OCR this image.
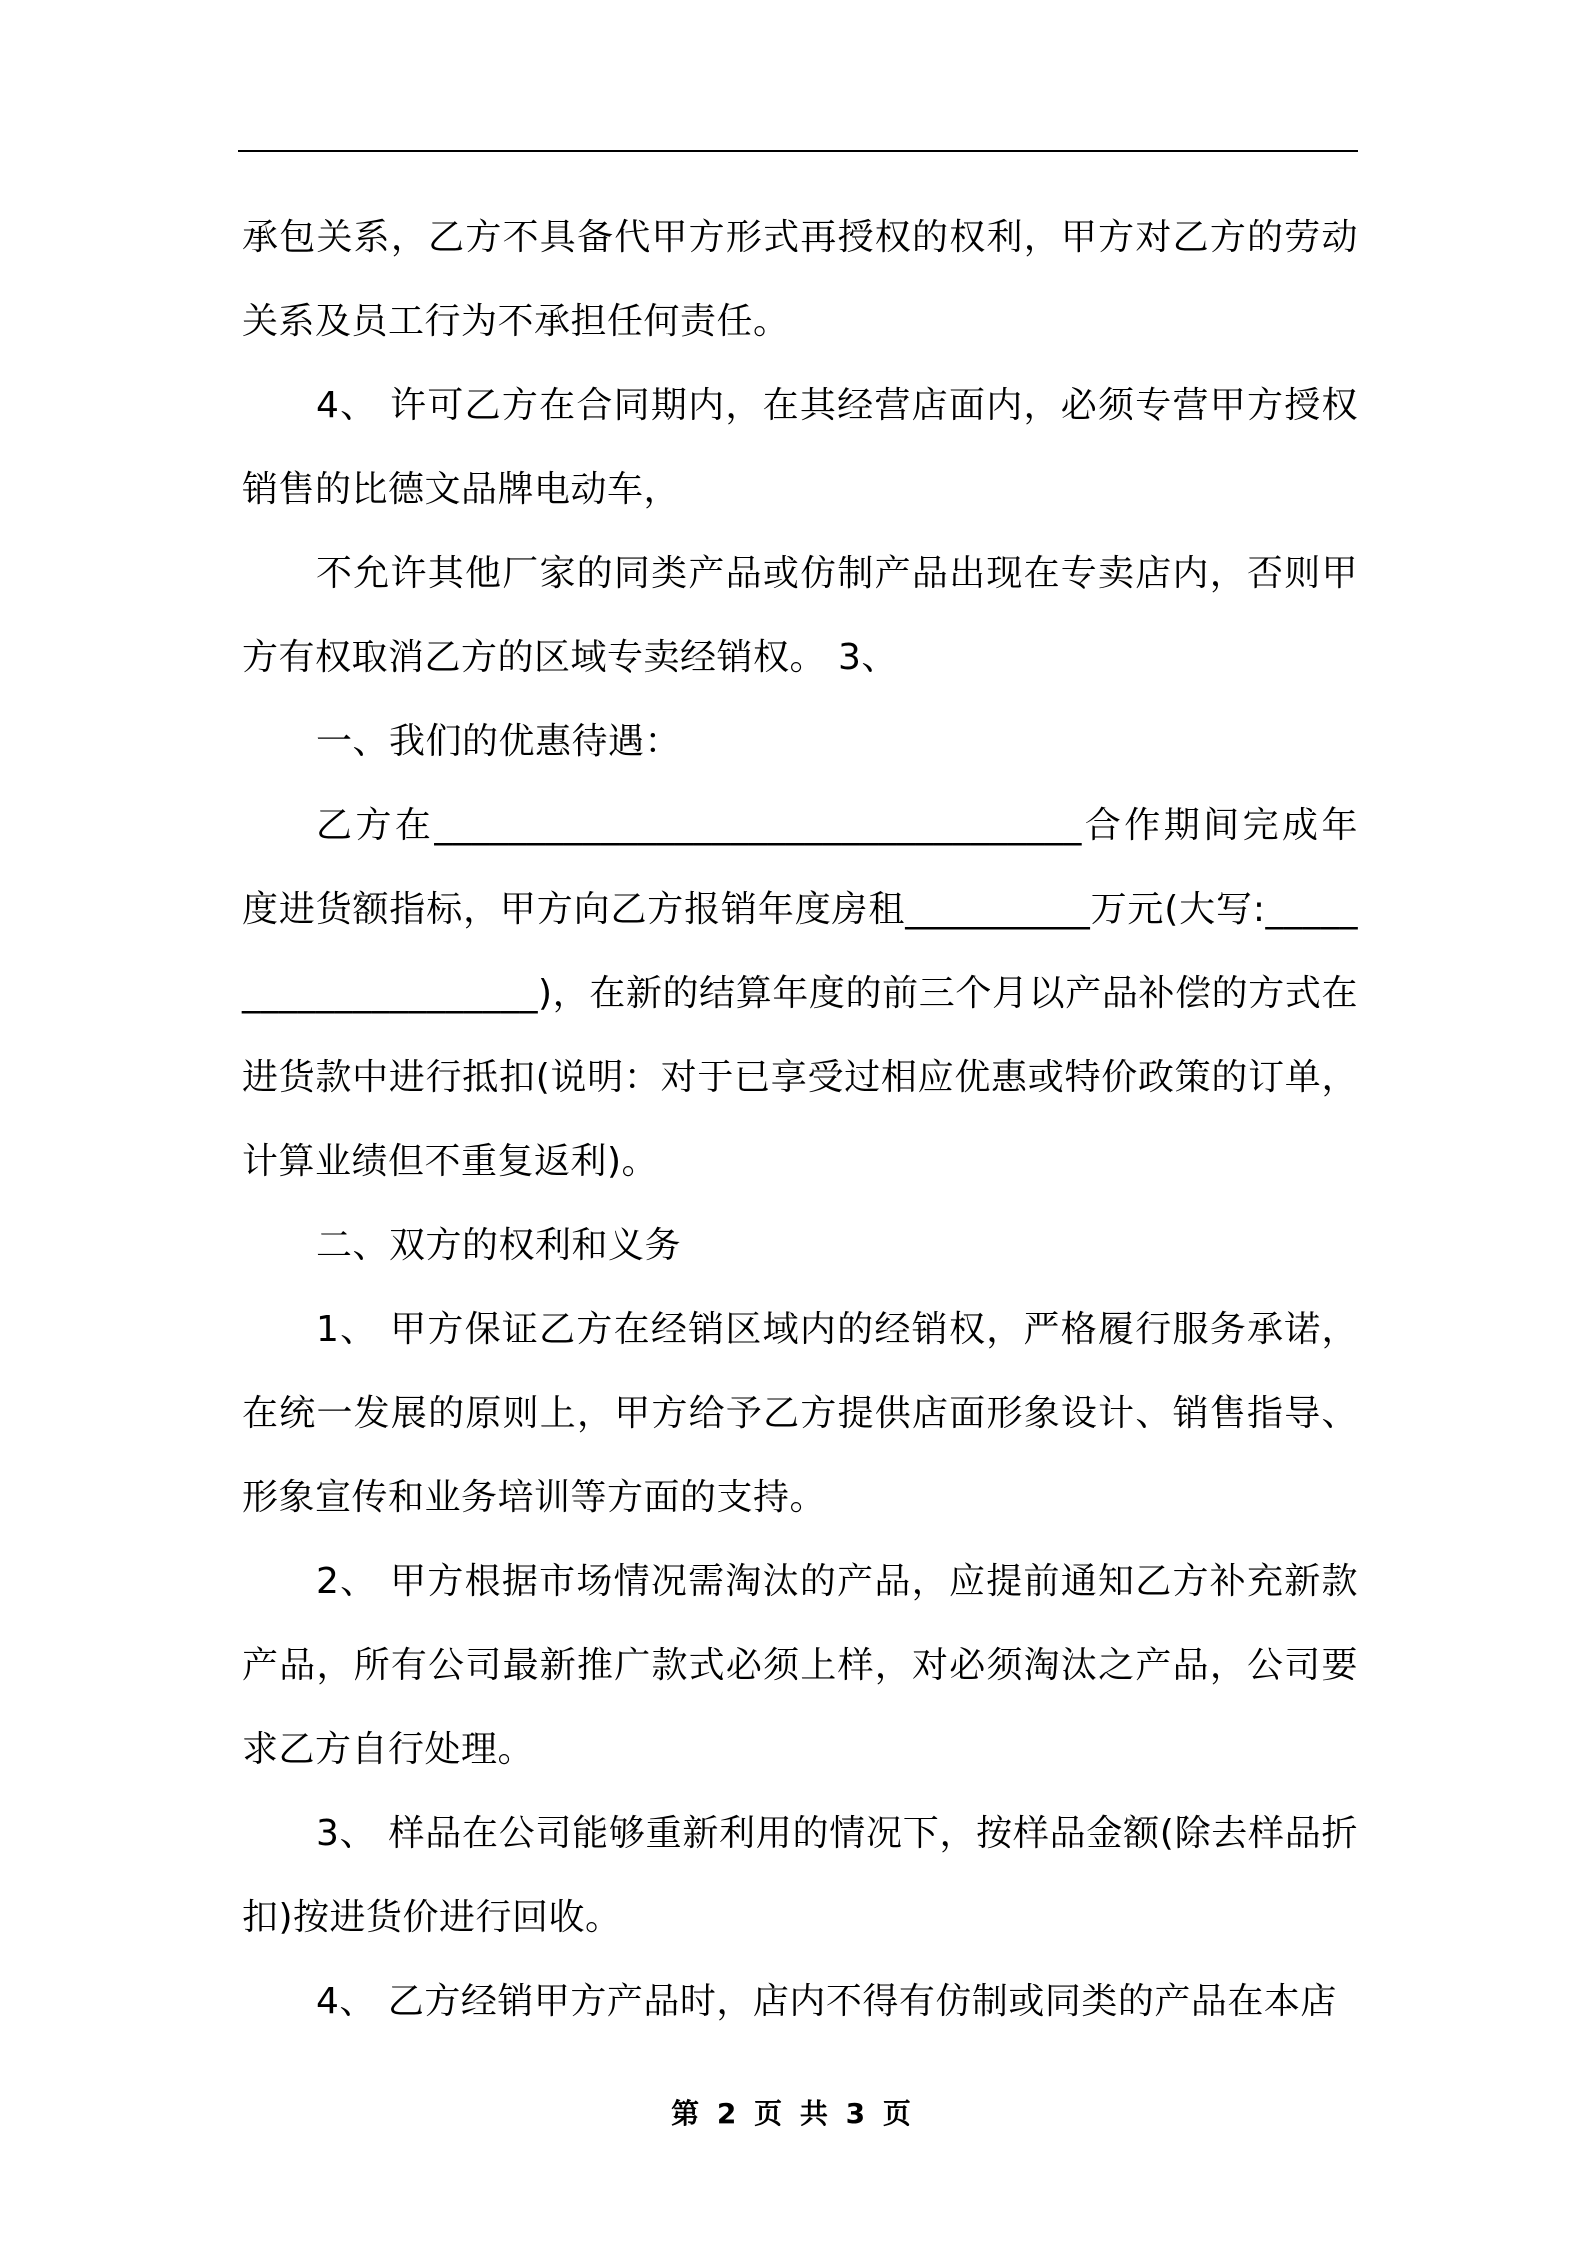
承包关系，乙方不具备代甲方形式再授权的权利，甲方对乙方的劳动关系及员工行为不承担任何责任。

4、 许可乙方在合同期内，在其经营店面内，必须专营甲方授权销售的比德文品牌电动车，

不允许其他厂家的同类产品或仿制产品出现在专卖店内，否则甲方有权取消乙方的区域专卖经销权。 3、

一、我们的优惠待遇：

乙方在___________________________________合作期间完成年度进货额指标，甲方向乙方报销年度房租__________万元(大写:_____________________)，在新的结算年度的前三个月以产品补偿的方式在进货款中进行抵扣(说明：对于已享受过相应优惠或特价政策的订单，计算业绩但不重复返利)。

二、双方的权利和义务

1、 甲方保证乙方在经销区域内的经销权，严格履行服务承诺，在统一发展的原则上，甲方给予乙方提供店面形象设计、销售指导、形象宣传和业务培训等方面的支持。

2、 甲方根据市场情况需淘汰的产品，应提前通知乙方补充新款产品，所有公司最新推广款式必须上样，对必须淘汰之产品，公司要求乙方自行处理。

3、 样品在公司能够重新利用的情况下，按样品金额(除去样品折扣)按进货价进行回收。

4、 乙方经销甲方产品时，店内不得有仿制或同类的产品在本店

第 2 页 共 3 页
